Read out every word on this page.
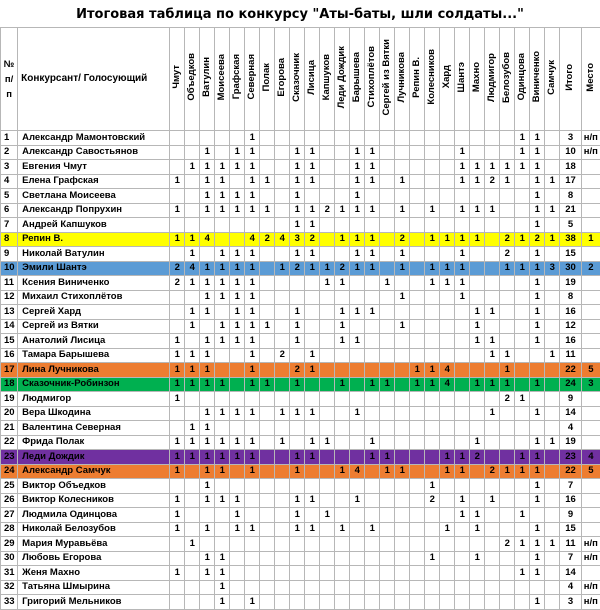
Итоговая таблица по конкурсу "Аты-баты, шли солдаты..."
№
п/
п	Конкурсант/ Голосующий	Чмут	Объедков	Ватулин	Моисеева	Графская	Северная	Полак	Егорова	Сказочник	Лисица	Капшуков	Леди Дождик	Барышева	Стихоплётов	Сергей из Вятки	Лучникова	Репин В.	Колесников	Хард	Шантэ	Махно	Людмигор	Белозубов	Одинцова	Виниченко	Самчук	Итого	Место
1	Александр Мамонтовский						1																		1	1		3	н/п
2	Александр Савостьянов			1		1	1			1	1			1	1						1				1	1		10	н/п
3	Евгения Чмут		1	1	1	1	1			1	1			1	1						1	1	1	1	1	1		18	
4	Елена Графская	1		1	1		1	1		1	1			1	1		1				1	1	2	1		1	1	17	
5	Светлана Моисеева			1	1	1	1			1				1												1		8	
6	Александр Попрухин	1		1	1	1	1	1		1	1	2	1	1	1		1		1		1	1	1			1	1	21	
7	Андрей Капшуков									1	1															1		5	
8	Репин В.	1	1	4			4	2	4	3	2		1	1	1		2		1	1	1	1		2	1	2	1	38	1
9	Николай Ватулин		1		1	1	1			1	1			1	1		1				1			2		1		15	
10	Эмили Шантэ	2	4	1	1	1	1		1	2	1	1	2	1	1		1		1	1	1			1	1	1	3	30	2
11	Ксения Виниченко	2	1	1	1	1	1					1	1			1			1	1	1					1		19	
12	Михаил Стихоплётов			1	1	1	1										1				1					1		8	
13	Сергей Хард		1	1		1	1			1			1	1	1							1	1			1		16	
14	Сергей из Вятки		1		1	1	1	1		1			1				1					1				1		12	
15	Анатолий Лисица	1		1	1	1	1			1			1	1								1	1			1		16	
16	Тамара Барышева	1	1	1			1		2		1												1	1			1	11	
17	Лина Лучникова	1	1	1			1			2	1							1	1	4				1				22	5
18	Сказочник-Робинзон	1	1	1	1		1	1		1			1		1	1		1	1	4		1	1	1		1		24	3
19	Людмигор	1																						2	1			9	
20	Вера Шкодина			1	1	1	1		1	1	1			1									1			1		14	
21	Валентина Северная		1	1																								4	
22	Фрида Полак	1	1	1	1	1	1		1		1	1			1							1				1	1	19	
23	Леди Дождик	1	1	1	1	1	1			1	1				1	1				1	1	2			1	1		23	4
24	Александр Самчук	1		1	1		1			1			1	4		1	1			1	1		2	1	1	1		22	5
25	Виктор Объедков			1															1							1		7	
26	Виктор Колесников	1		1	1	1				1	1			1					2		1		1			1		16	
27	Людмила Одинцова	1				1				1		1									1	1			1			9	
28	Николай Белозубов	1		1		1	1			1	1		1		1					1		1				1		15	
29	Мария Муравьёва		1																					2	1	1	1	11	н/п
30	Любовь Егорова			1	1														1			1				1		7	н/п
31	Женя Махно	1		1	1																				1	1		14	
32	Татьяна Шмырина				1																							4	н/п
33	Григорий Мельников				1		1																			1		3	н/п
